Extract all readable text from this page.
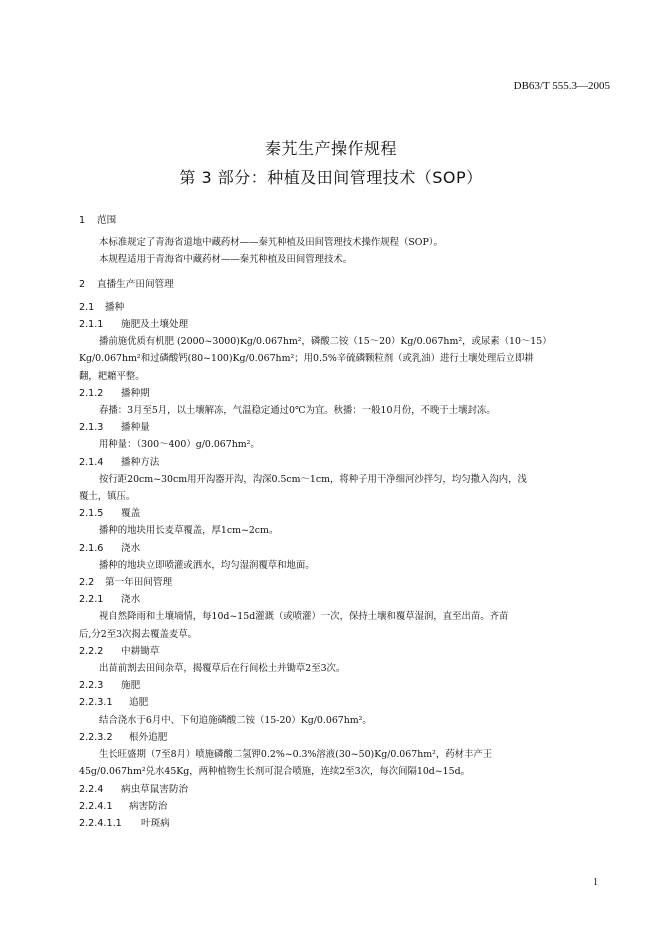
DB63/T 555.3—2005
秦艽生产操作规程
第 3 部分：种植及田间管理技术（SOP）
1 范围
本标准规定了青海省道地中藏药材——秦艽种植及田间管理技术操作规程（SOP）。
本规程适用于青海省中藏药材——秦艽种植及田间管理技术。
2 直播生产田间管理
2.1 播种
2.1.1 施肥及土壤处理
播前施优质有机肥 (2000~3000)Kg/0.067hm²，磷酸二铵（15～20）Kg/0.067hm²，或尿素（10～15）
Kg/0.067hm²和过磷酸钙(80~100)Kg/0.067hm²；用0.5%辛硫磷颗粒剂（或乳油）进行土壤处理后立即耕
翻，耙耱平整。
2.1.2 播种期
春播：3月至5月，以土壤解冻，气温稳定通过0℃为宜。秋播：一般10月份，不晚于土壤封冻。
2.1.3 播种量
用种量：（300～400）g/0.067hm²。
2.1.4 播种方法
按行距20cm~30cm用开沟器开沟，沟深0.5cm～1cm，将种子用干净细河沙拌匀，均匀撒入沟内，浅
覆土，镇压。
2.1.5 覆盖
播种的地块用长麦草覆盖，厚1cm~2cm。
2.1.6 浇水
播种的地块立即喷灌或洒水，均匀湿润覆草和地面。
2.2 第一年田间管理
2.2.1 浇水
视自然降雨和土壤墒情，每10d~15d灌溉（或喷灌）一次，保持土壤和覆草湿润，直至出苗。齐苗
后,分2至3次揭去覆盖麦草。
2.2.2 中耕锄草
出苗前割去田间杂草，揭覆草后在行间松土并锄草2至3次。
2.2.3 施肥
2.2.3.1 追肥
结合浇水于6月中、下旬追施磷酸二铵（15-20）Kg/0.067hm²。
2.2.3.2 根外追肥
生长旺盛期（7至8月）喷施磷酸二氢钾0.2%~0.3%溶液(30~50)Kg/0.067hm²，药材丰产王
45g/0.067hm²兑水45Kg，两种植物生长剂可混合喷施，连续2至3次，每次间隔10d~15d。
2.2.4 病虫草鼠害防治
2.2.4.1 病害防治
2.2.4.1.1 叶斑病
1
